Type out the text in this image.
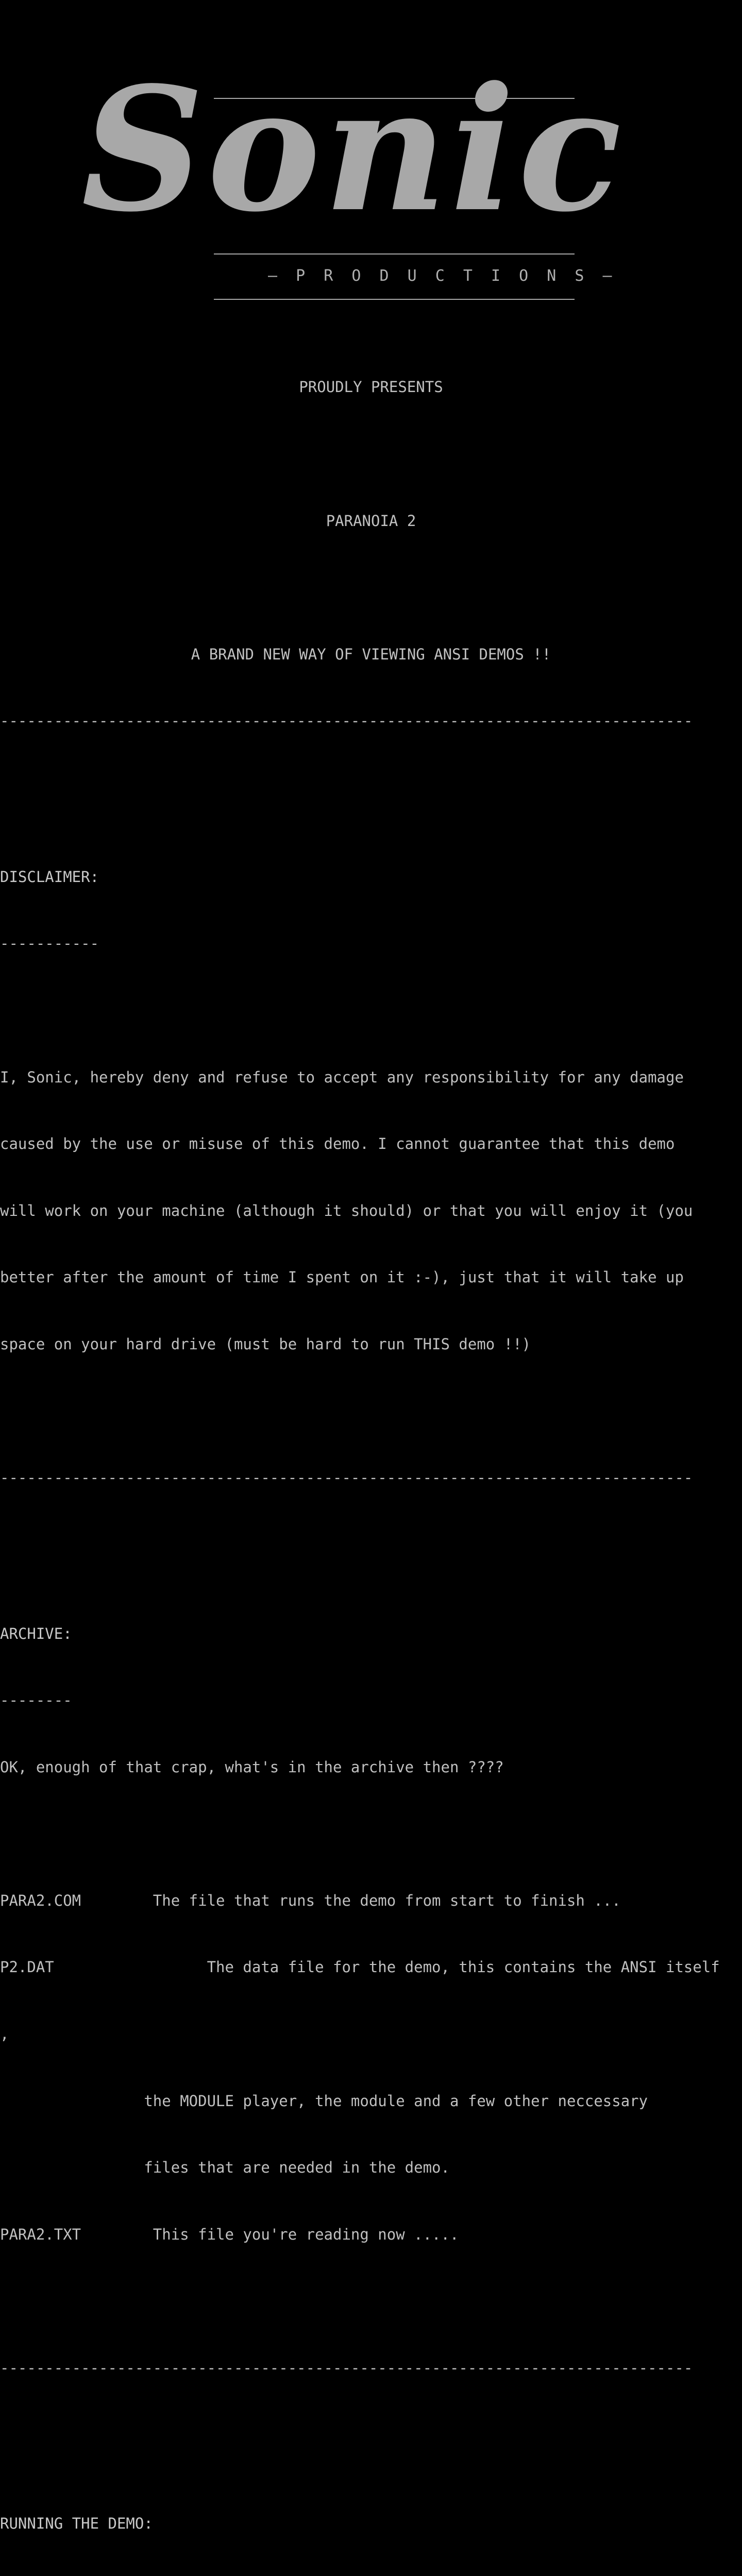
Sonic
— P R O D U C T I O N S —

PROUDLY PRESENTS

PARANOIA 2

A BRAND NEW WAY OF VIEWING ANSI DEMOS !!

-----------------------------------------------------------------------------

DISCLAIMER:

-----------

I, Sonic, hereby deny and refuse to accept any responsibility for any damage

caused by the use or misuse of this demo. I cannot guarantee that this demo

will work on your machine (although it should) or that you will enjoy it (you

better after the amount of time I spent on it :-), just that it will take up

space on your hard drive (must be hard to run THIS demo !!)

-----------------------------------------------------------------------------

ARCHIVE:

--------

OK, enough of that crap, what's in the archive then ????

PARA2.COM        The file that runs the demo from start to finish ...

P2.DAT                 The data file for the demo, this contains the ANSI itself

,

the MODULE player, the module and a few other neccessary

files that are needed in the demo.

PARA2.TXT        This file you're reading now .....

-----------------------------------------------------------------------------

RUNNING THE DEMO:
